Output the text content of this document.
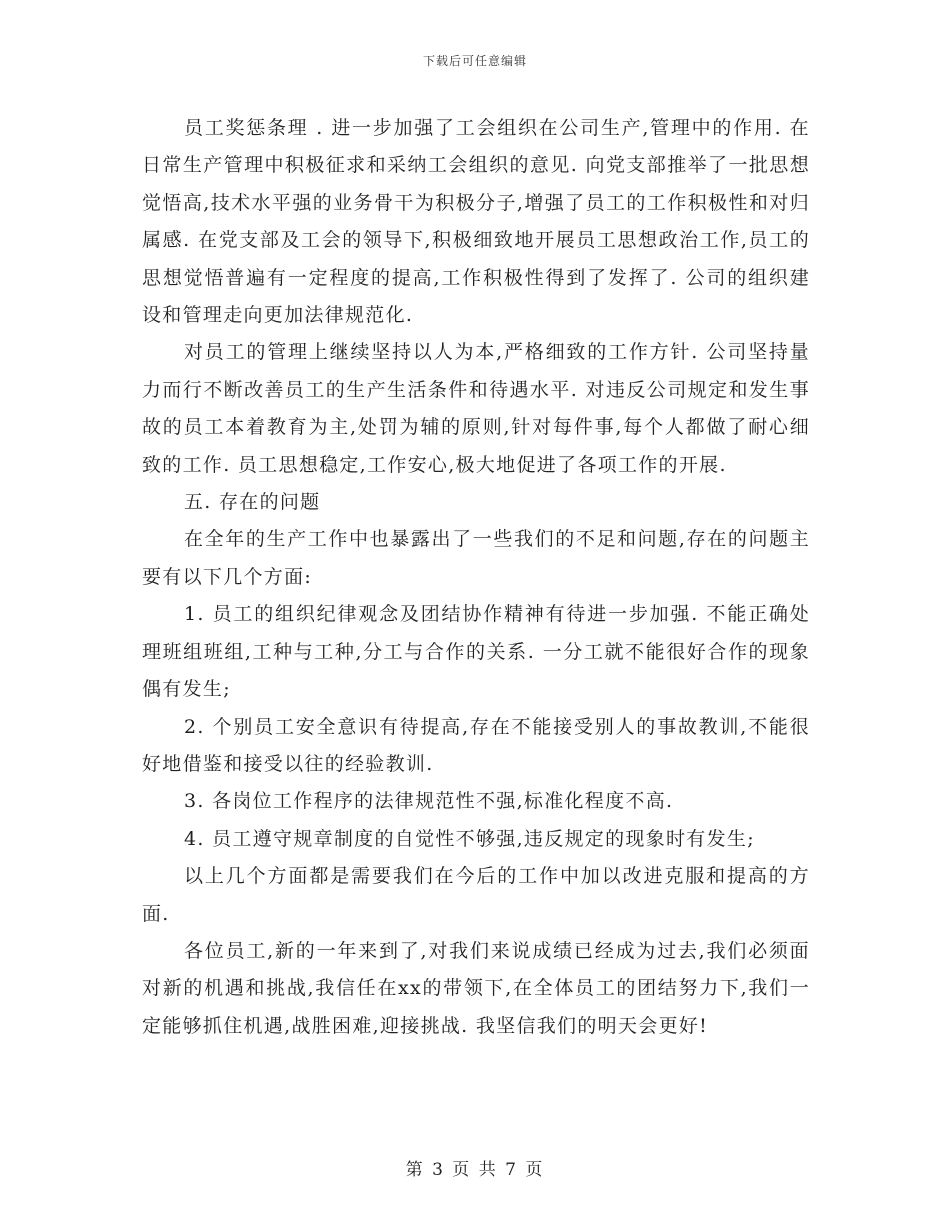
下载后可任意编辑

员工奖惩条理 . 进一步加强了工会组织在公司生产,管理中的作用. 在日常生产管理中积极征求和采纳工会组织的意见. 向党支部推举了一批思想觉悟高,技术水平强的业务骨干为积极分子,增强了员工的工作积极性和对归属感. 在党支部及工会的领导下,积极细致地开展员工思想政治工作,员工的思想觉悟普遍有一定程度的提高,工作积极性得到了发挥了. 公司的组织建设和管理走向更加法律规范化.

对员工的管理上继续坚持以人为本,严格细致的工作方针. 公司坚持量力而行不断改善员工的生产生活条件和待遇水平. 对违反公司规定和发生事故的员工本着教育为主,处罚为辅的原则,针对每件事,每个人都做了耐心细致的工作. 员工思想稳定,工作安心,极大地促进了各项工作的开展.

五. 存在的问题

在全年的生产工作中也暴露出了一些我们的不足和问题,存在的问题主要有以下几个方面:

1. 员工的组织纪律观念及团结协作精神有待进一步加强. 不能正确处理班组班组,工种与工种,分工与合作的关系. 一分工就不能很好合作的现象偶有发生;

2. 个别员工安全意识有待提高,存在不能接受别人的事故教训,不能很好地借鉴和接受以往的经验教训.

3. 各岗位工作程序的法律规范性不强,标准化程度不高.

4. 员工遵守规章制度的自觉性不够强,违反规定的现象时有发生;

以上几个方面都是需要我们在今后的工作中加以改进克服和提高的方面.

各位员工,新的一年来到了,对我们来说成绩已经成为过去,我们必须面对新的机遇和挑战,我信任在xx的带领下,在全体员工的团结努力下,我们一定能够抓住机遇,战胜困难,迎接挑战. 我坚信我们的明天会更好!

第 3 页 共 7 页
